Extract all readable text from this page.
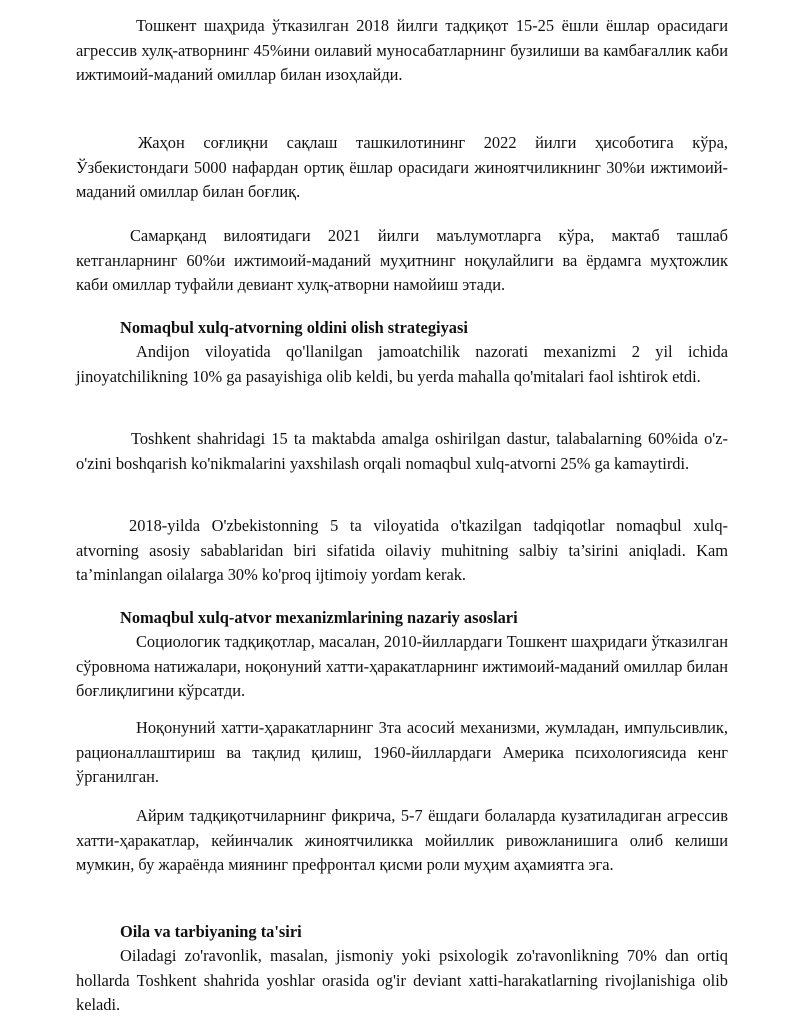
Тошкент шаҳрида ўтказилган 2018 йилги тадқиқот 15-25 ёшли ёшлар орасидаги агрессив хулқ-атворнинг 45%ини оилавий муносабатларнинг бузилиши ва камбағаллик каби ижтимоий-маданий омиллар билан изоҳлайди.

Жаҳон соғлиқни сақлаш ташкилотининг 2022 йилги ҳисоботига кўра, Ўзбекистондаги 5000 нафардан ортиқ ёшлар орасидаги жиноятчиликнинг 30%и ижтимоий-маданий омиллар билан боғлиқ.

Самарқанд вилоятидаги 2021 йилги маълумотларга кўра, мактаб ташлаб кетганларнинг 60%и ижтимоий-маданий муҳитнинг ноқулайлиги ва ёрдамга муҳтожлик каби омиллар туфайли девиант хулқ-атворни намойиш этади.

Nomaqbul xulq-atvorning oldini olish strategiyasi

Andijon viloyatida qo'llanilgan jamoatchilik nazorati mexanizmi 2 yil ichida jinoyatchilikning 10% ga pasayishiga olib keldi, bu yerda mahalla qo'mitalari faol ishtirok etdi.

Toshkent shahridagi 15 ta maktabda amalga oshirilgan dastur, talabalarning 60%ida o'z-o'zini boshqarish ko'nikmalarini yaxshilash orqali nomaqbul xulq-atvorni 25% ga kamaytirdi.

2018-yilda O'zbekistonning 5 ta viloyatida o'tkazilgan tadqiqotlar nomaqbul xulq-atvorning asosiy sabablaridan biri sifatida oilaviy muhitning salbiy ta’sirini aniqladi. Kam ta’minlangan oilalarga 30% ko'proq ijtimoiy yordam kerak.

Nomaqbul xulq-atvor mexanizmlarining nazariy asoslari

Социологик тадқиқотлар, масалан, 2010-йиллардаги Тошкент шаҳридаги ўтказилган сўровнома натижалари, ноқонуний хатти-ҳаракатларнинг ижтимоий-маданий омиллар билан боғлиқлигини кўрсатди.

Ноқонуний хатти-ҳаракатларнинг 3та асосий механизми, жумладан, импульсивлик, рационаллаштириш ва тақлид қилиш, 1960-йиллардаги Америка психологиясида кенг ўрганилган.

Айрим тадқиқотчиларнинг фикрича, 5-7 ёшдаги болаларда кузатиладиган агрессив хатти-ҳаракатлар, кейинчалик жиноятчиликка мойиллик ривожланишига олиб келиши мумкин, бу жараёнда миянинг префронтал қисми роли муҳим аҳамиятга эга.

Oila va tarbiyaning ta'siri

Oiladagi zo'ravonlik, masalan, jismoniy yoki psixologik zo'ravonlikning 70% dan ortiq hollarda Toshkent shahrida yoshlar orasida og'ir deviant xatti-harakatlarning rivojlanishiga olib keladi.
